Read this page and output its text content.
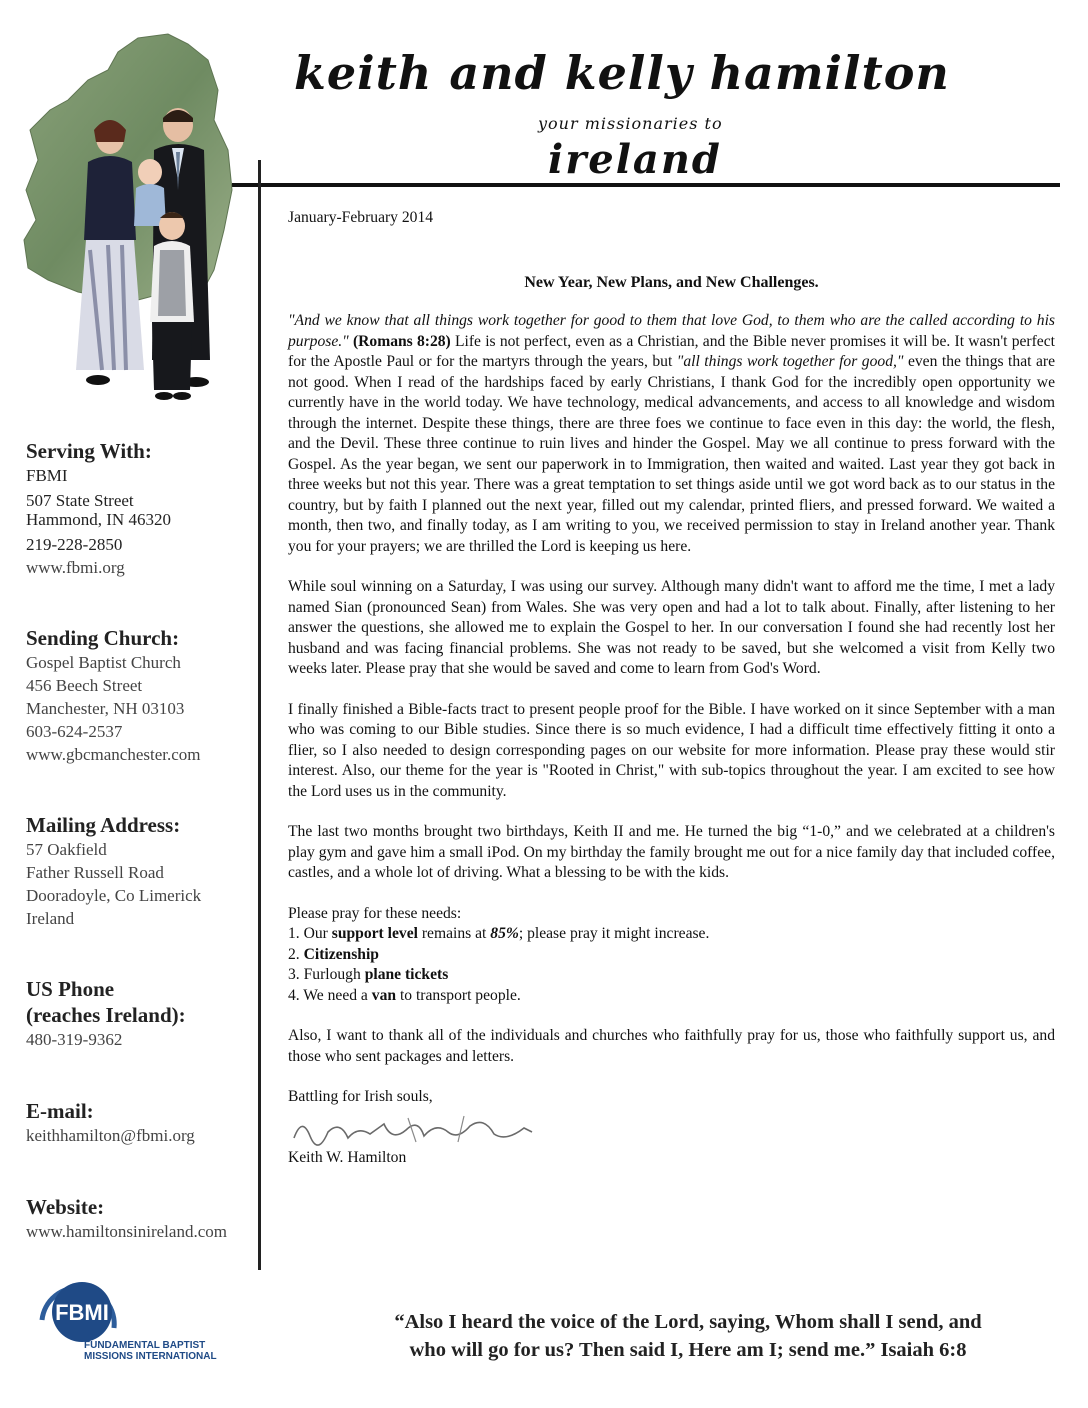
keith and kelly hamilton
your missionaries to
ireland
Serving With:
FBMI
507 State Street
Hammond, IN 46320
219-228-2850
www.fbmi.org
Sending Church:
Gospel Baptist Church
456 Beech Street
Manchester, NH 03103
603-624-2537
www.gbcmanchester.com
Mailing Address:
57 Oakfield
Father Russell Road
Dooradoyle, Co Limerick
Ireland
US Phone
(reaches Ireland):
480-319-9362
E-mail:
keithhamilton@fbmi.org
Website:
www.hamiltonsinireland.com
FBMI
FUNDAMENTAL BAPTIST
MISSIONS INTERNATIONAL
January-February 2014
New Year, New Plans, and New Challenges.

"And we know that all things work together for good to them that love God, to them who are the called according to his purpose." (Romans 8:28) Life is not perfect, even as a Christian, and the Bible never promises it will be. It wasn't perfect for the Apostle Paul or for the martyrs through the years, but "all things work together for good," even the things that are not good. When I read of the hardships faced by early Christians, I thank God for the incredibly open opportunity we currently have in the world today. We have technology, medical advancements, and access to all knowledge and wisdom through the internet. Despite these things, there are three foes we continue to face even in this day: the world, the flesh, and the Devil. These three continue to ruin lives and hinder the Gospel. May we all continue to press forward with the Gospel. As the year began, we sent our paperwork in to Immigration, then waited and waited. Last year they got back in three weeks but not this year. There was a great temptation to set things aside until we got word back as to our status in the country, but by faith I planned out the next year, filled out my calendar, printed fliers, and pressed forward. We waited a month, then two, and finally today, as I am writing to you, we received permission to stay in Ireland another year. Thank you for your prayers; we are thrilled the Lord is keeping us here.

While soul winning on a Saturday, I was using our survey. Although many didn't want to afford me the time, I met a lady named Sian (pronounced Sean) from Wales. She was very open and had a lot to talk about. Finally, after listening to her answer the questions, she allowed me to explain the Gospel to her. In our conversation I found she had recently lost her husband and was facing financial problems. She was not ready to be saved, but she welcomed a visit from Kelly two weeks later. Please pray that she would be saved and come to learn from God's Word.

I finally finished a Bible-facts tract to present people proof for the Bible. I have worked on it since September with a man who was coming to our Bible studies. Since there is so much evidence, I had a difficult time effectively fitting it onto a flier, so I also needed to design corresponding pages on our website for more information. Please pray these would stir interest. Also, our theme for the year is "Rooted in Christ," with sub-topics throughout the year. I am excited to see how the Lord uses us in the community.

The last two months brought two birthdays, Keith II and me. He turned the big “1-0,” and we celebrated at a children's play gym and gave him a small iPod. On my birthday the family brought me out for a nice family day that included coffee, castles, and a whole lot of driving. What a blessing to be with the kids.

Please pray for these needs:
1. Our support level remains at 85%; please pray it might increase.
2. Citizenship
3. Furlough plane tickets
4. We need a van to transport people.

Also, I want to thank all of the individuals and churches who faithfully pray for us, those who faithfully support us, and those who sent packages and letters.

Battling for Irish souls,
Keith W. Hamilton
“Also I heard the voice of the Lord, saying, Whom shall I send, and
who will go for us? Then said I, Here am I; send me.” Isaiah 6:8
